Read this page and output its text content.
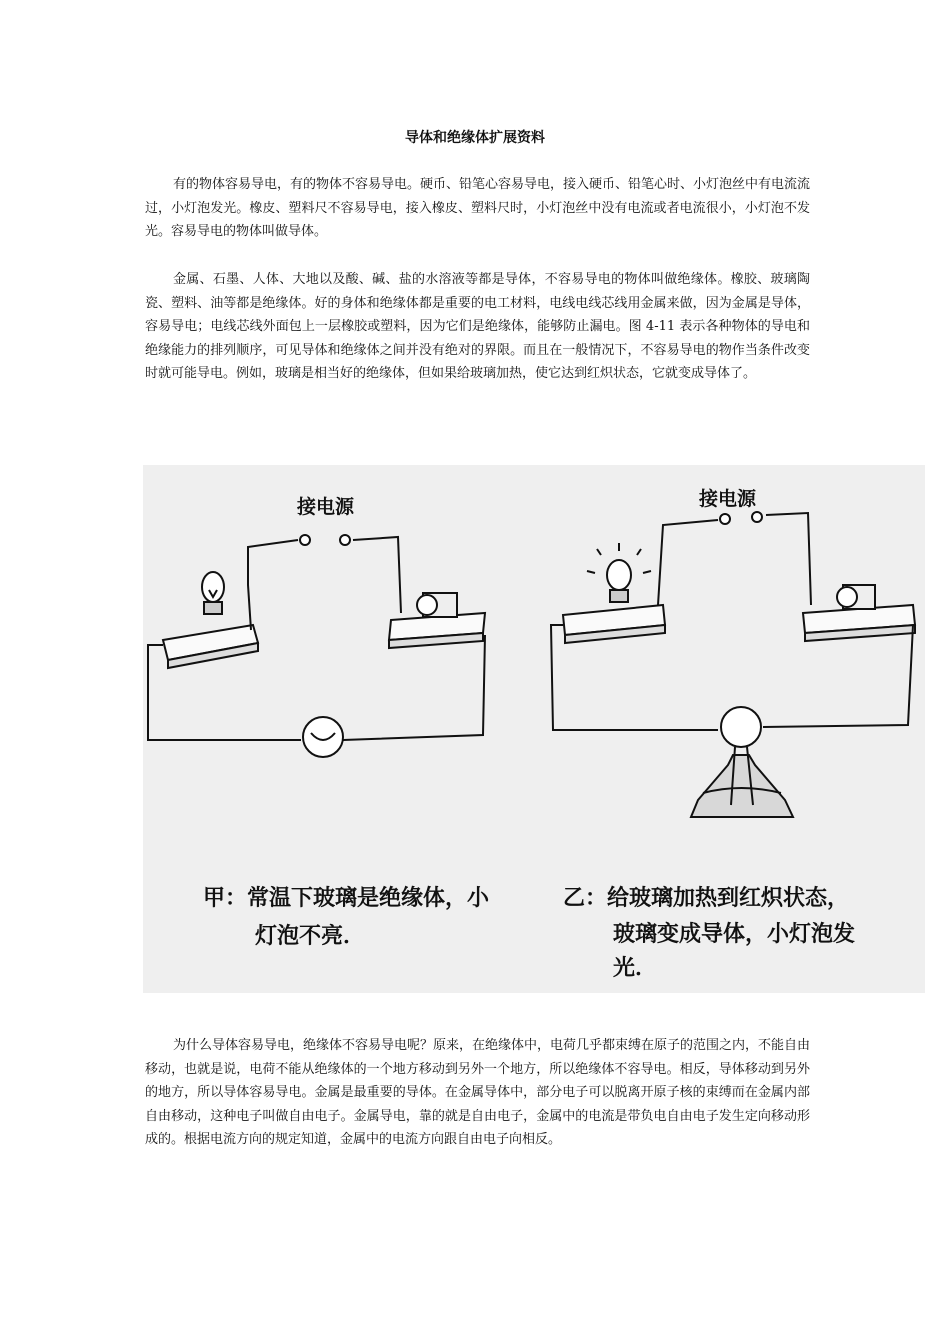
导体和绝缘体扩展资料

有的物体容易导电，有的物体不容易导电。硬币、铅笔心容易导电，接入硬币、铅笔心时、小灯泡丝中有电流流过，小灯泡发光。橡皮、塑料尺不容易导电，接入橡皮、塑料尺时，小灯泡丝中没有电流或者电流很小，小灯泡不发光。容易导电的物体叫做导体。

金属、石墨、人体、大地以及酸、碱、盐的水溶液等都是导体，不容易导电的物体叫做绝缘体。橡胶、玻璃陶瓷、塑料、油等都是绝缘体。好的身体和绝缘体都是重要的电工材料，电线电线芯线用金属来做，因为金属是导体，容易导电；电线芯线外面包上一层橡胶或塑料，因为它们是绝缘体，能够防止漏电。图 4-11 表示各种物体的导电和绝缘能力的排列顺序，可见导体和绝缘体之间并没有绝对的界限。而且在一般情况下，不容易导电的物作当条件改变时就可能导电。例如，玻璃是相当好的绝缘体，但如果给玻璃加热，使它达到红炽状态，它就变成导体了。

接电源	接电源
甲：常温下玻璃是绝缘体，小
灯泡不亮．
乙：给玻璃加热到红炽状态，
玻璃变成导体，小灯泡发
光．

为什么导体容易导电，绝缘体不容易导电呢？原来，在绝缘体中，电荷几乎都束缚在原子的范围之内，不能自由移动，也就是说，电荷不能从绝缘体的一个地方移动到另外一个地方，所以绝缘体不容导电。相反，导体移动到另外的地方，所以导体容易导电。金属是最重要的导体。在金属导体中，部分电子可以脱离开原子核的束缚而在金属内部自由移动，这种电子叫做自由电子。金属导电，靠的就是自由电子，金属中的电流是带负电自由电子发生定向移动形成的。根据电流方向的规定知道，金属中的电流方向跟自由电子向相反。
